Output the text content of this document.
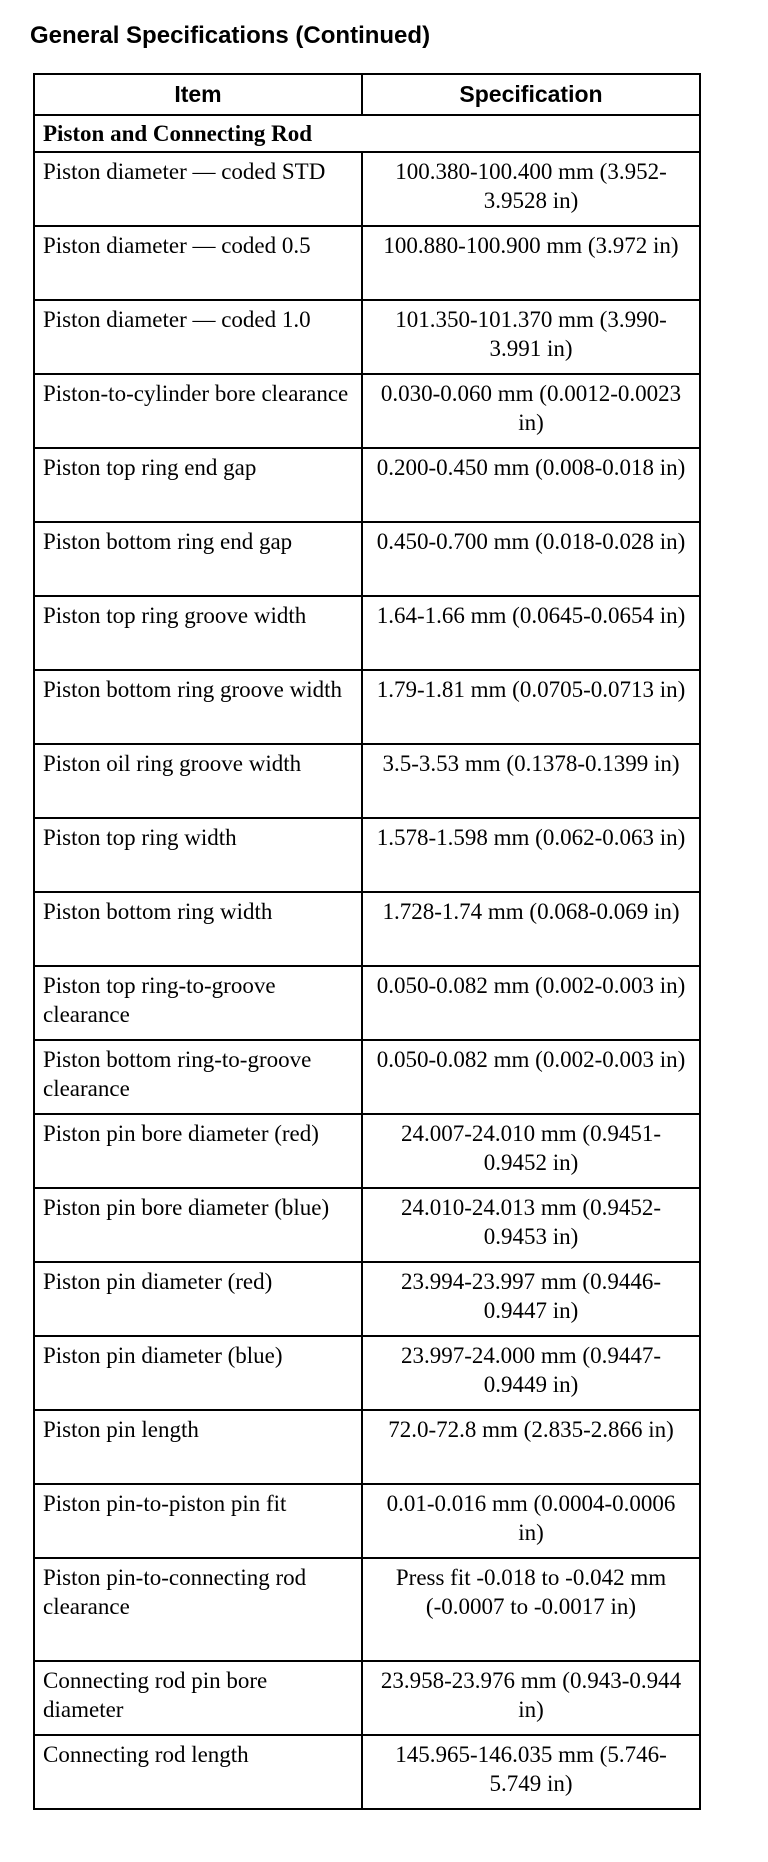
General Specifications (Continued)
Item	Specification
Piston and Connecting Rod	
Piston diameter — coded STD	100.380-100.400 mm (3.952-3.9528 in)
Piston diameter — coded 0.5	100.880-100.900 mm (3.972 in)
Piston diameter — coded 1.0	101.350-101.370 mm (3.990-3.991 in)
Piston-to-cylinder bore clearance	0.030-0.060 mm (0.0012-0.0023 in)
Piston top ring end gap	0.200-0.450 mm (0.008-0.018 in)
Piston bottom ring end gap	0.450-0.700 mm (0.018-0.028 in)
Piston top ring groove width	1.64-1.66 mm (0.0645-0.0654 in)
Piston bottom ring groove width	1.79-1.81 mm (0.0705-0.0713 in)
Piston oil ring groove width	3.5-3.53 mm (0.1378-0.1399 in)
Piston top ring width	1.578-1.598 mm (0.062-0.063 in)
Piston bottom ring width	1.728-1.74 mm (0.068-0.069 in)
Piston top ring-to-groove clearance	0.050-0.082 mm (0.002-0.003 in)
Piston bottom ring-to-groove clearance	0.050-0.082 mm (0.002-0.003 in)
Piston pin bore diameter (red)	24.007-24.010 mm (0.9451-0.9452 in)
Piston pin bore diameter (blue)	24.010-24.013 mm (0.9452-0.9453 in)
Piston pin diameter (red)	23.994-23.997 mm (0.9446-0.9447 in)
Piston pin diameter (blue)	23.997-24.000 mm (0.9447-0.9449 in)
Piston pin length	72.0-72.8 mm (2.835-2.866 in)
Piston pin-to-piston pin fit	0.01-0.016 mm (0.0004-0.0006 in)
Piston pin-to-connecting rod clearance	Press fit -0.018 to -0.042 mm (-0.0007 to -0.0017 in)
Connecting rod pin bore diameter	23.958-23.976 mm (0.943-0.944 in)
Connecting rod length	145.965-146.035 mm (5.746-5.749 in)
